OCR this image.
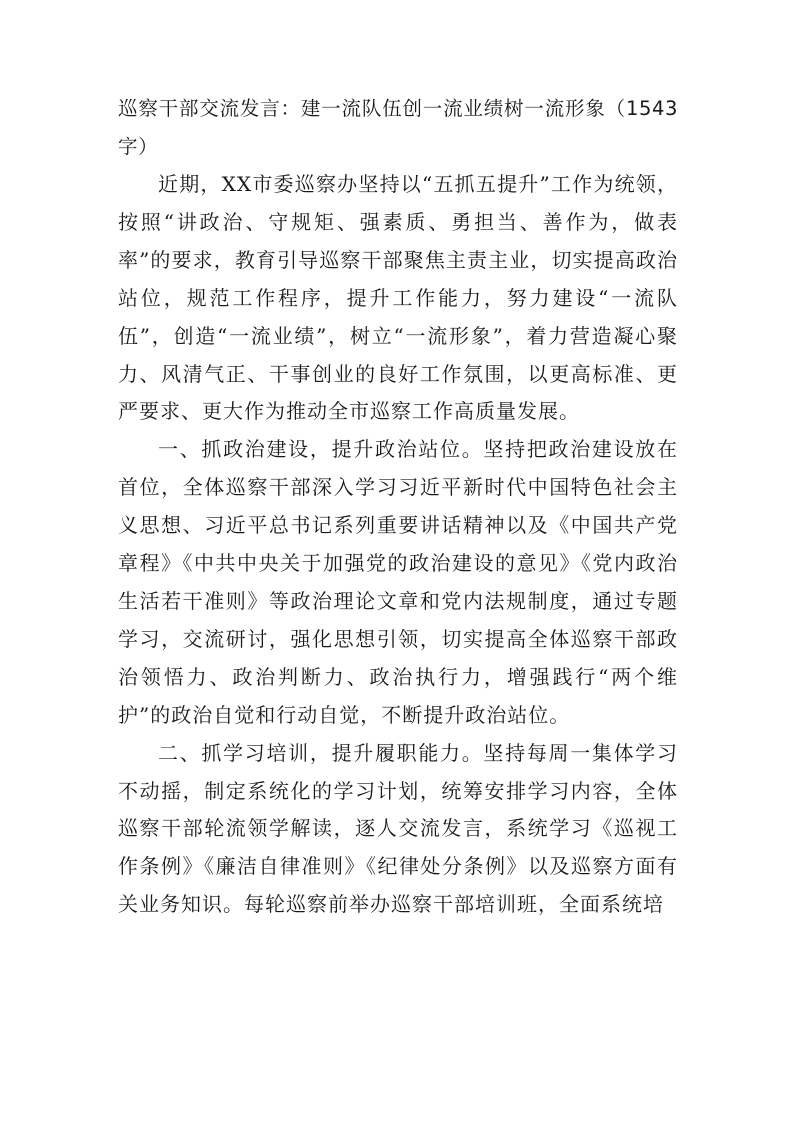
巡察干部交流发言：建一流队伍创一流业绩树一流形象（1543字）

近期，XX市委巡察办坚持以“五抓五提升”工作为统领，按照“讲政治、守规矩、强素质、勇担当、善作为，做表率”的要求，教育引导巡察干部聚焦主责主业，切实提高政治站位，规范工作程序，提升工作能力，努力建设“一流队伍”，创造“一流业绩”，树立“一流形象”，着力营造凝心聚力、风清气正、干事创业的良好工作氛围，以更高标准、更严要求、更大作为推动全市巡察工作高质量发展。

一、抓政治建设，提升政治站位。坚持把政治建设放在首位，全体巡察干部深入学习习近平新时代中国特色社会主义思想、习近平总书记系列重要讲话精神以及《中国共产党章程》《中共中央关于加强党的政治建设的意见》《党内政治生活若干准则》等政治理论文章和党内法规制度，通过专题学习，交流研讨，强化思想引领，切实提高全体巡察干部政治领悟力、政治判断力、政治执行力，增强践行“两个维护”的政治自觉和行动自觉，不断提升政治站位。

二、抓学习培训，提升履职能力。坚持每周一集体学习不动摇，制定系统化的学习计划，统筹安排学习内容，全体巡察干部轮流领学解读，逐人交流发言，系统学习《巡视工作条例》《廉洁自律准则》《纪律处分条例》以及巡察方面有关业务知识。每轮巡察前举办巡察干部培训班，全面系统培
